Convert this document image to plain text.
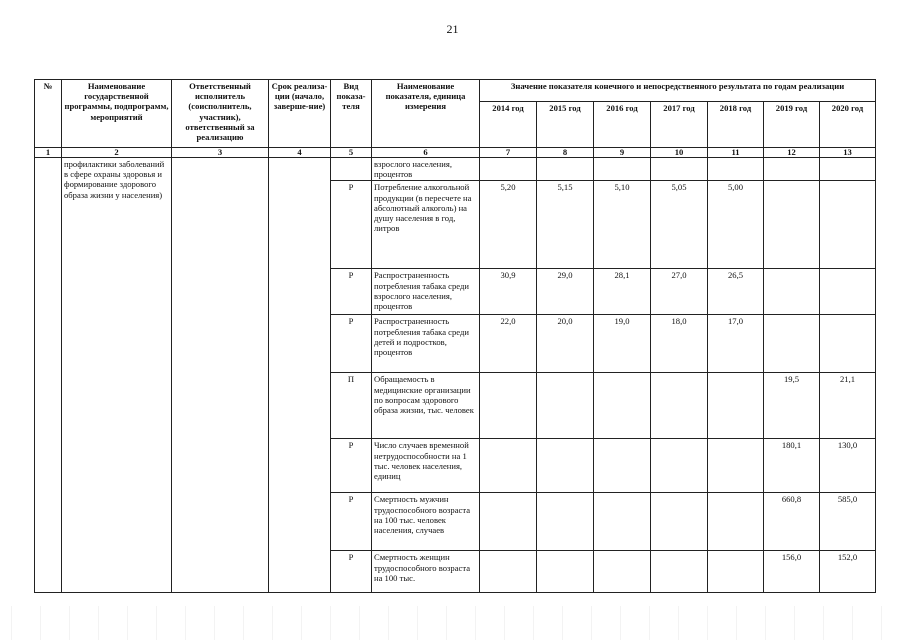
21
№	Наименование государственной программы, подпрограмм, мероприятий	Ответственный исполнитель (соисполнитель, участник), ответственный за реализацию	Срок реализа-ции (начало, заверше-ние)	Вид показа-теля	Наименование показателя, единица измерения	Значение показателя конечного и непосредственного результата по годам реализации						
						2014 год	2015 год	2016 год	2017 год	2018 год	2019 год	2020 год
1	2	3	4	5	6	7	8	9	10	11	12	13
	профилактики заболеваний в сфере охраны здоровья и формирование здорового образа жизни у населения)				взрослого населения, процентов							
				Р	Потребление алкогольной продукции (в пересчете на абсолютный алкоголь) на душу населения в год, литров	5,20	5,15	5,10	5,05	5,00		
				Р	Распространенность потребления табака среди взрослого населения, процентов	30,9	29,0	28,1	27,0	26,5		
				Р	Распространенность потребления табака среди детей и подростков, процентов	22,0	20,0	19,0	18,0	17,0		
				П	Обращаемость в медицинские организации по вопросам здорового образа жизни, тыс. человек						19,5	21,1
				Р	Число случаев временной нетрудоспособности на 1 тыс. человек населения, единиц						180,1	130,0
				Р	Смертность мужчин трудоспособного возраста на 100 тыс. человек населения, случаев						660,8	585,0
				Р	Смертность женщин трудоспособного возраста на 100 тыс.						156,0	152,0
